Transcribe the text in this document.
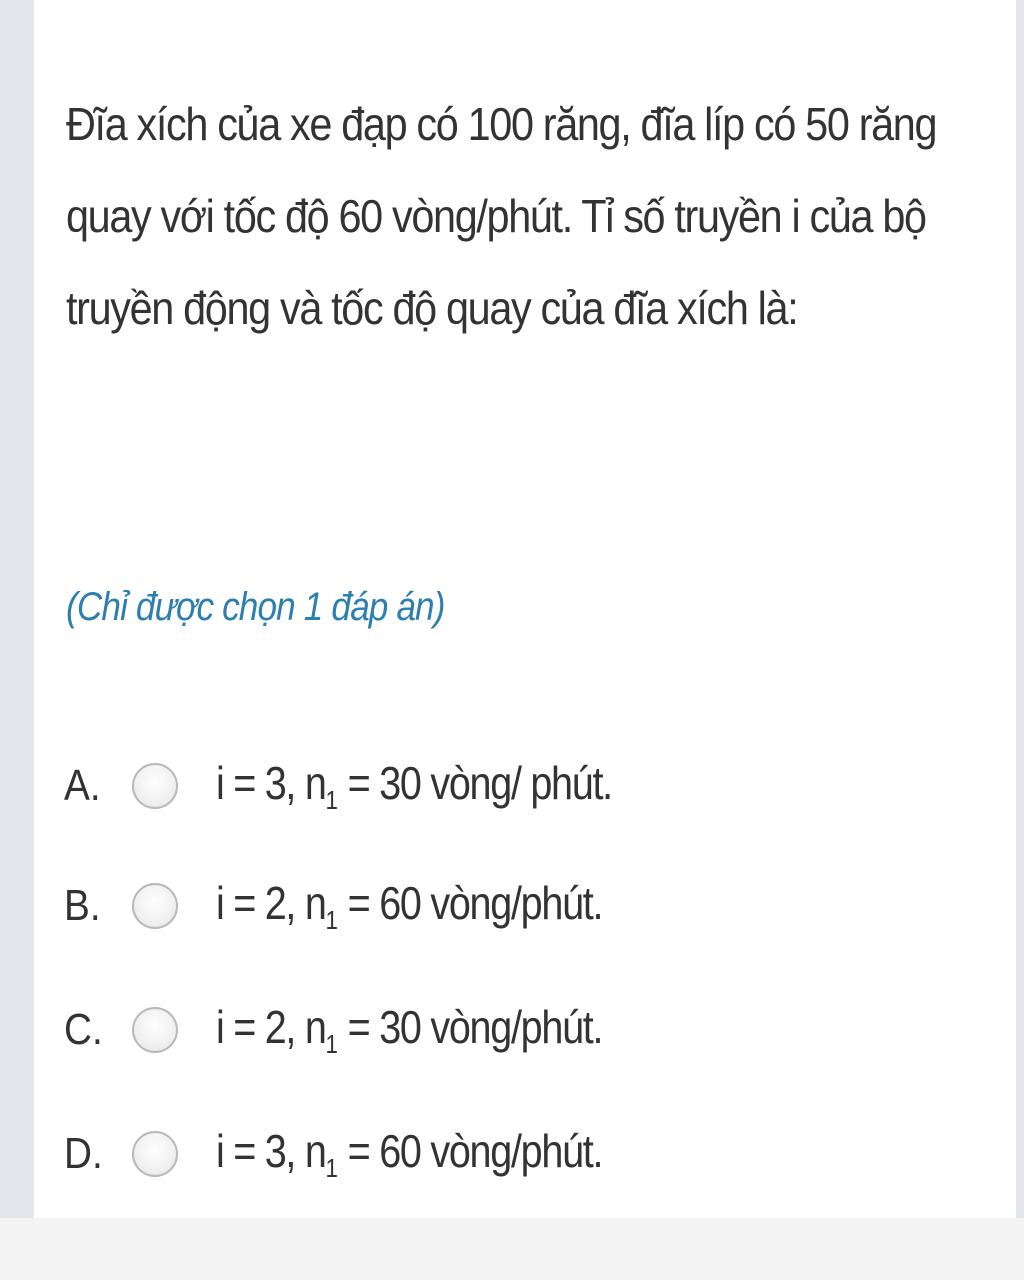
Đĩa xích của xe đạp có 100 răng, đĩa líp có 50 răng quay với tốc độ 60 vòng/phút. Tỉ số truyền i của bộ truyền động và tốc độ quay của đĩa xích là:

(Chỉ được chọn 1 đáp án)
A.	i = 3, $n_1 = 30$ vòng/ phút.
B.	i = 2, $n_1 = 60$ vòng/phút.
C.	i = 2, $n_1 = 30$ vòng/phút.
D.	i = 3, $n_1 = 60$ vòng/phút.
